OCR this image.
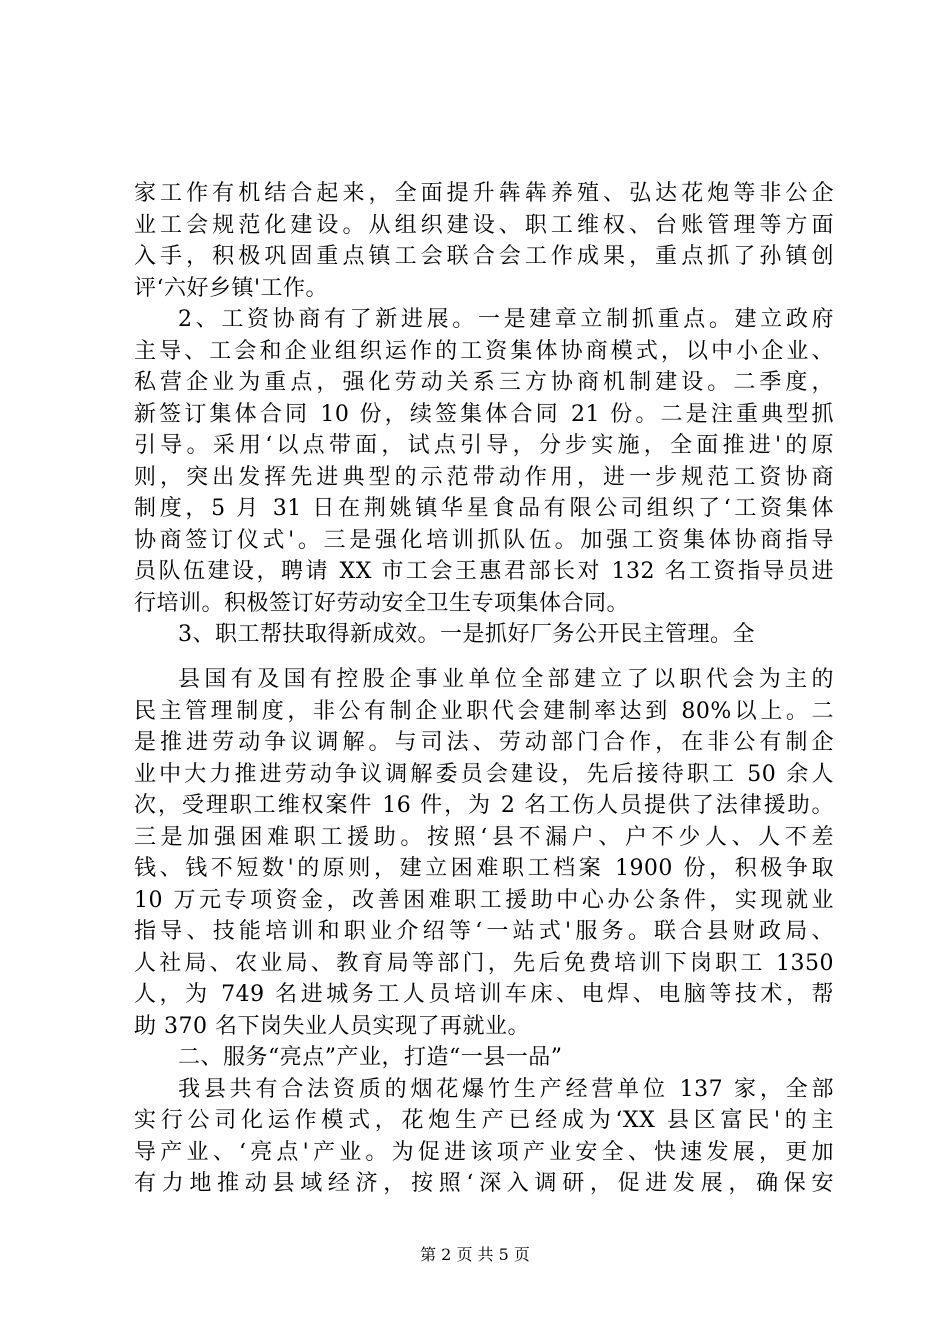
家工作有机结合起来，全面提升犇犇养殖、弘达花炮等非公企
业工会规范化建设。从组织建设、职工维权、台账管理等方面
入手，积极巩固重点镇工会联合会工作成果，重点抓了孙镇创
评‘六好乡镇'工作。
2、工资协商有了新进展。一是建章立制抓重点。建立政府
主导、工会和企业组织运作的工资集体协商模式，以中小企业、
私营企业为重点，强化劳动关系三方协商机制建设。二季度，
新签订集体合同 10 份，续签集体合同 21 份。二是注重典型抓
引导。采用‘以点带面，试点引导，分步实施，全面推进'的原
则，突出发挥先进典型的示范带动作用，进一步规范工资协商
制度，5 月 31 日在荆姚镇华星食品有限公司组织了‘工资集体
协商签订仪式'。三是强化培训抓队伍。加强工资集体协商指导
员队伍建设，聘请 XX 市工会王惠君部长对 132 名工资指导员进
行培训。积极签订好劳动安全卫生专项集体合同。
3、职工帮扶取得新成效。一是抓好厂务公开民主管理。全
县国有及国有控股企事业单位全部建立了以职代会为主的
民主管理制度，非公有制企业职代会建制率达到 80%以上。二
是推进劳动争议调解。与司法、劳动部门合作，在非公有制企
业中大力推进劳动争议调解委员会建设，先后接待职工 50 余人
次，受理职工维权案件 16 件，为 2 名工伤人员提供了法律援助。
三是加强困难职工援助。按照‘县不漏户、户不少人、人不差
钱、钱不短数'的原则，建立困难职工档案 1900 份，积极争取
10 万元专项资金，改善困难职工援助中心办公条件，实现就业
指导、技能培训和职业介绍等‘一站式'服务。联合县财政局、
人社局、农业局、教育局等部门，先后免费培训下岗职工 1350
人，为 749 名进城务工人员培训车床、电焊、电脑等技术，帮
助 370 名下岗失业人员实现了再就业。
二、服务“亮点”产业，打造“一县一品”
我县共有合法资质的烟花爆竹生产经营单位 137 家，全部
实行公司化运作模式，花炮生产已经成为‘XX 县区富民'的主
导产业、‘亮点'产业。为促进该项产业安全、快速发展，更加
有力地推动县域经济，按照‘深入调研，促进发展，确保安
第 2 页 共 5 页
